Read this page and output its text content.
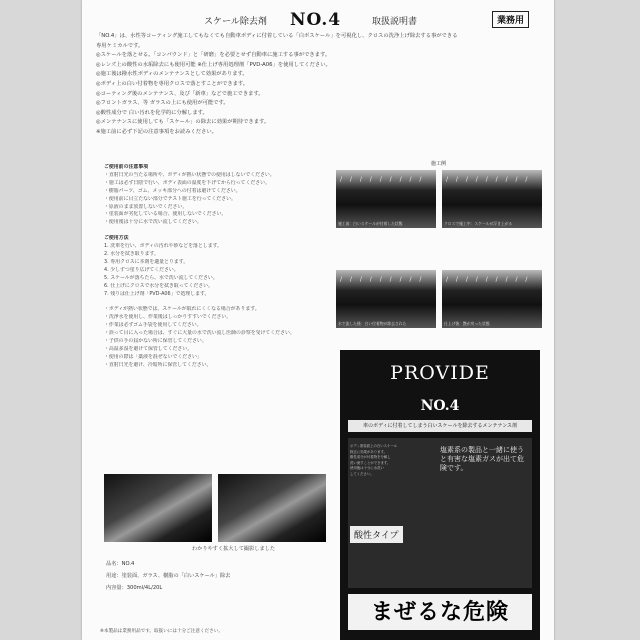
スケール除去剤 NO.4	取扱説明書	業務用
「NO.4」は、水性等コーティング施工してもなくても自動車ボディに付着している「白ボスケール」を可視化し、クロスの洗浄上げ除去する事ができる
専用ケミカルです。
◎スケールを落とせる。「コンパウンド」と「研磨」を必要とせず自動車に施工する事ができます。
◎レンズ上の酸性の水垢除去にも使用可能 ※仕上げ専用処理剤「PVD-A06」を使用してください。
◎施工後は撥水性ボディのメンテナンスとして効果があります。
◎ボディ上の白い付着物を専用クロスで落とすことができます。
◎コーティング後のメンテナンス、及び「新車」などで施工できます。
◎フロントガラス、等 ガラスの上にも使用が可能です。
◎酸性成分で 白い汚れを化学的に分解します。
◎メンテナンスに使用しても「スケール」の除去に効果が期待できます。
※施工前に必ず下記の注意事項をお読みください。
ご使用前の注意事項
・直射日光の当たる場所や、ボディが熱い状態での使用はしないでください。
・施工は必ず日陰で行い、ボディ表面の温度を下げてから行ってください。
・樹脂パーツ、ゴム、メッキ部分への付着は避けてください。
・使用前に目立たない部分でテスト施工を行ってください。
・原液のまま放置しないでください。
・塗装面が劣化している場合、使用しないでください。
・使用後は十分に水で洗い流してください。

ご使用方法
1. 洗車を行い、ボディの汚れや砂などを落とします。
2. 水分を拭き取ります。
3. 専用クロスに本剤を適量とります。
4. 少しずつ塗り広げてください。
5. スケールが落ちたら、水で洗い流してください。
6. 仕上げにクロスで水分を拭き取ってください。
7. 残りは仕上げ剤「PVD-A06」で処理します。

・ボディが熱い状態では、スケールが取れにくくなる場合があります。
・洗浄水を使用し、作業後はしっかりすすいでください。
・作業は必ずゴム手袋を使用してください。
・誤って目に入った場合は、すぐに大量の水で洗い流し医師の診察を受けてください。
・子供の手の届かない所に保管してください。
・高温多湿を避けて保管してください。
・使用の際は「薬液を混ぜないでください」
・直射日光を避け、冷暗所に保管してください。
施工例
/ / / / / / / / /
施工前：白いスケールが付着した状態
/ / / / / / / / /
クロスで施工中：スケールが浮き上がる
/ / / / / / / / /
水で流した後：白い付着物が除去された
/ / / / / / / / /
仕上げ後：艶が戻った状態
PROVIDE
NO.4
車のボディに付着してしまう白いスケールを除去するメンテナンス剤
ボディ塗装面上の白いスケール
除去に効果があります。
酸性成分が付着物を分解し
洗い流すことができます。
使用後は十分に水洗い
してください。
塩素系の製品と一緒に使うと有害な塩素ガスが出て危険です。
酸性タイプ
まぜるな危険
わかりやすく拡大して撮影しました
品名：NO.4
用途：塗装面、ガラス、樹脂の「白いスケール」除去
内容量：300ml/4L/20L
※本製品は業務用品です。取扱いには十分ご注意ください。
